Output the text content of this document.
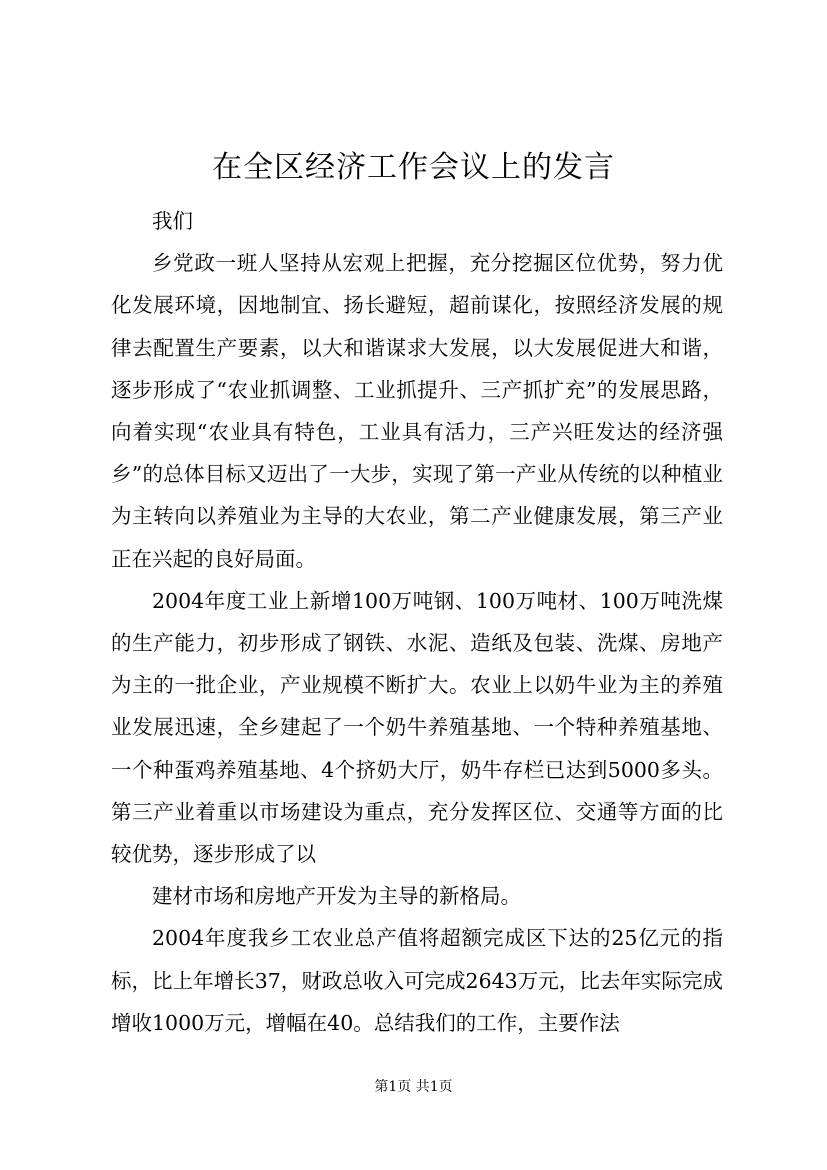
在全区经济工作会议上的发言

我们

乡党政一班人坚持从宏观上把握，充分挖掘区位优势，努力优化发展环境，因地制宜、扬长避短，超前谋化，按照经济发展的规律去配置生产要素，以大和谐谋求大发展，以大发展促进大和谐，逐步形成了“农业抓调整、工业抓提升、三产抓扩充”的发展思路，向着实现“农业具有特色，工业具有活力，三产兴旺发达的经济强乡”的总体目标又迈出了一大步，实现了第一产业从传统的以种植业为主转向以养殖业为主导的大农业，第二产业健康发展，第三产业正在兴起的良好局面。

2004年度工业上新增100万吨钢、100万吨材、100万吨洗煤的生产能力，初步形成了钢铁、水泥、造纸及包装、洗煤、房地产为主的一批企业，产业规模不断扩大。农业上以奶牛业为主的养殖业发展迅速，全乡建起了一个奶牛养殖基地、一个特种养殖基地、一个种蛋鸡养殖基地、4个挤奶大厅，奶牛存栏已达到5000多头。第三产业着重以市场建设为重点，充分发挥区位、交通等方面的比较优势，逐步形成了以

建材市场和房地产开发为主导的新格局。

2004年度我乡工农业总产值将超额完成区下达的25亿元的指标，比上年增长37，财政总收入可完成2643万元，比去年实际完成增收1000万元，增幅在40。总结我们的工作，主要作法

第1页 共1页
